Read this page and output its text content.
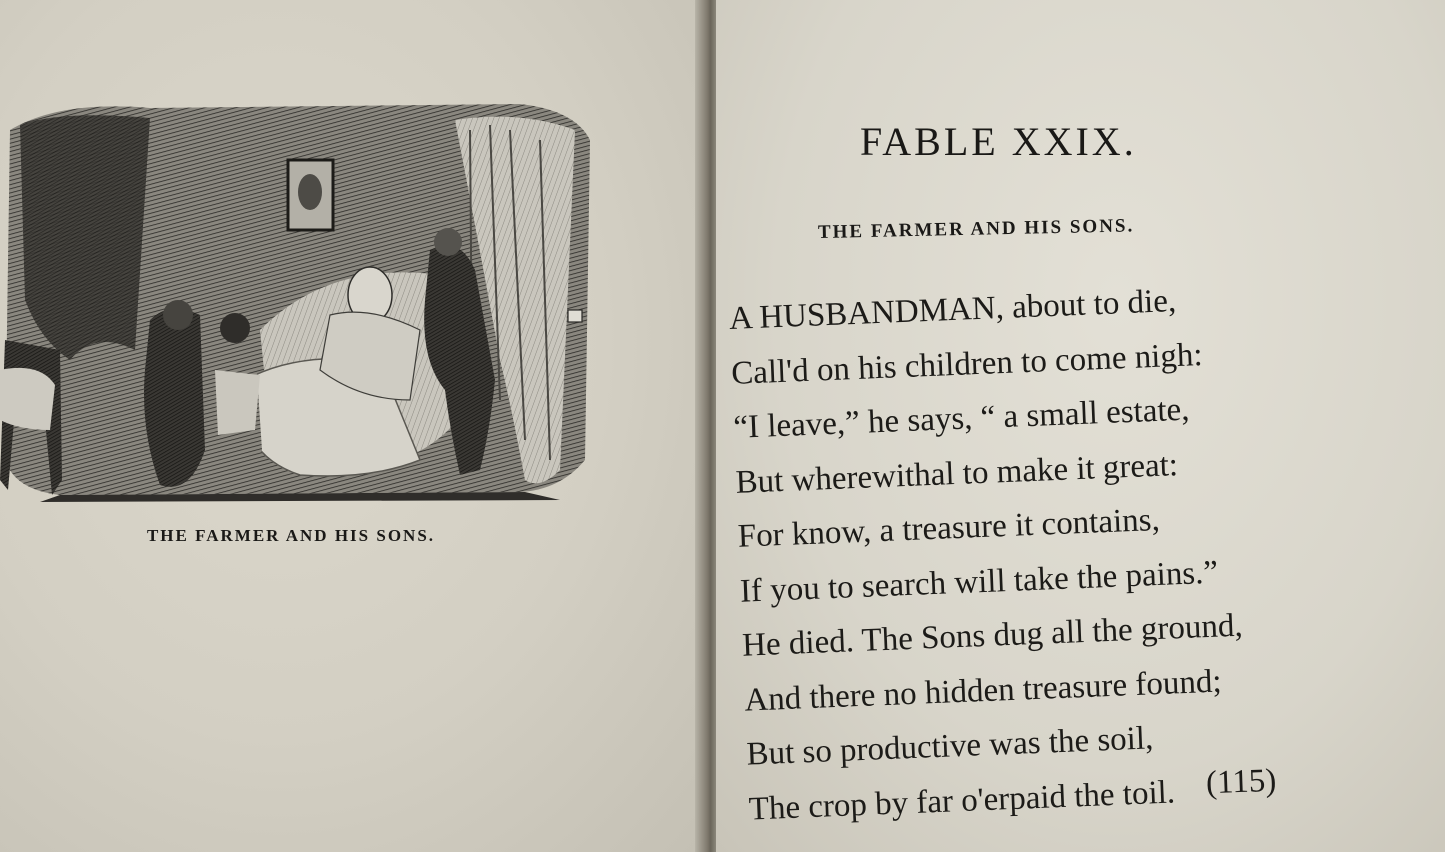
THE FARMER AND HIS SONS.
FABLE XXIX.
THE FARMER AND HIS SONS.
A HUSBANDMAN, about to die,
Call'd on his children to come nigh:
“I leave,” he says, “ a small estate,
But wherewithal to make it great:
For know, a treasure it contains,
If you to search will take the pains.”
He died. The Sons dug all the ground,
And there no hidden treasure found;
But so productive was the soil,
The crop by far o'erpaid the toil. (115)
